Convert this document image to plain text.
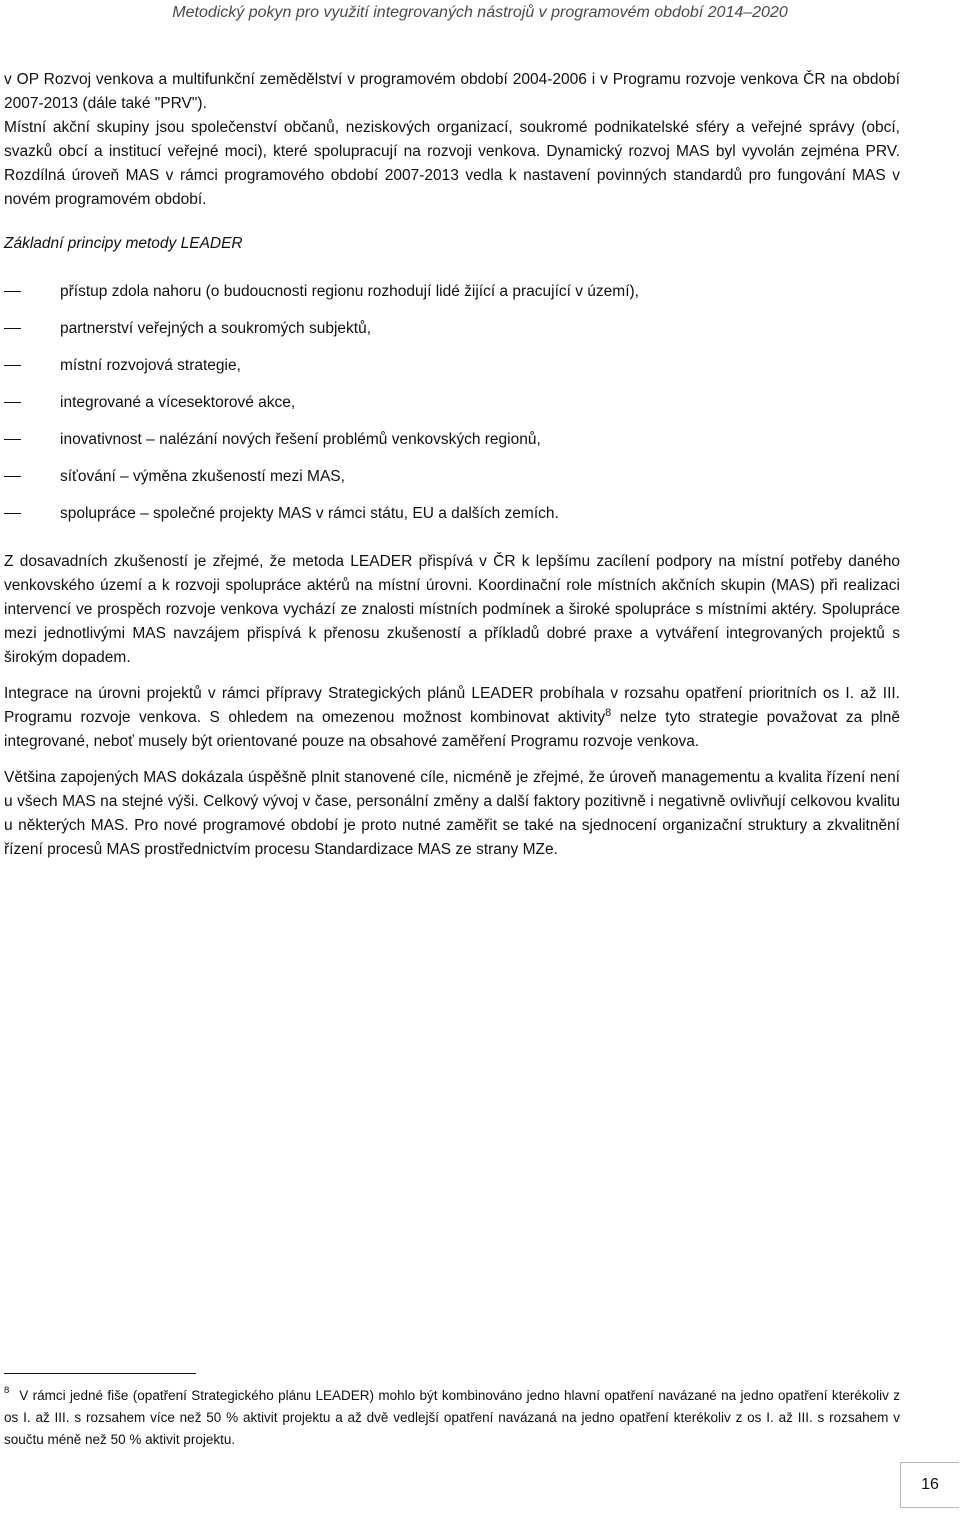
Metodický pokyn pro využití integrovaných nástrojů v programovém období 2014–2020

v OP Rozvoj venkova a multifunkční zemědělství v programovém období 2004-2006 i v Programu rozvoje venkova ČR na období 2007-2013 (dále také "PRV").

Místní akční skupiny jsou společenství občanů, neziskových organizací, soukromé podnikatelské sféry a veřejné správy (obcí, svazků obcí a institucí veřejné moci), které spolupracují na rozvoji venkova. Dynamický rozvoj MAS byl vyvolán zejména PRV. Rozdílná úroveň MAS v rámci programového období 2007-2013 vedla k nastavení povinných standardů pro fungování MAS v novém programovém období.

Základní principy metody LEADER

přístup zdola nahoru (o budoucnosti regionu rozhodují lidé žijící a pracující v území),
partnerství veřejných a soukromých subjektů,
místní rozvojová strategie,
integrované a vícesektorové akce,
inovativnost – nalézání nových řešení problémů venkovských regionů,
síťování – výměna zkušeností mezi MAS,
spolupráce – společné projekty MAS v rámci státu, EU a dalších zemích.

Z dosavadních zkušeností je zřejmé, že metoda LEADER přispívá v ČR k lepšímu zacílení podpory na místní potřeby daného venkovského území a k rozvoji spolupráce aktérů na místní úrovni. Koordinační role místních akčních skupin (MAS) při realizaci intervencí ve prospěch rozvoje venkova vychází ze znalosti místních podmínek a široké spolupráce s místními aktéry. Spolupráce mezi jednotlivými MAS navzájem přispívá k přenosu zkušeností a příkladů dobré praxe a vytváření integrovaných projektů s širokým dopadem.

Integrace na úrovni projektů v rámci přípravy Strategických plánů LEADER probíhala v rozsahu opatření prioritních os I. až III. Programu rozvoje venkova. S ohledem na omezenou možnost kombinovat aktivity$^8$ nelze tyto strategie považovat za plně integrované, neboť musely být orientované pouze na obsahové zaměření Programu rozvoje venkova.

Většina zapojených MAS dokázala úspěšně plnit stanovené cíle, nicméně je zřejmé, že úroveň managementu a kvalita řízení není u všech MAS na stejné výši. Celkový vývoj v čase, personální změny a další faktory pozitivně i negativně ovlivňují celkovou kvalitu u některých MAS. Pro nové programové období je proto nutné zaměřit se také na sjednocení organizační struktury a zkvalitnění řízení procesů MAS prostřednictvím procesu Standardizace MAS ze strany MZe.

$^8$ V rámci jedné fiše (opatření Strategického plánu LEADER) mohlo být kombinováno jedno hlavní opatření navázané na jedno opatření kterékoliv z os I. až III. s rozsahem více než 50 % aktivit projektu a až dvě vedlejší opatření navázaná na jedno opatření kterékoliv z os I. až III. s rozsahem v součtu méně než 50 % aktivit projektu.
16
